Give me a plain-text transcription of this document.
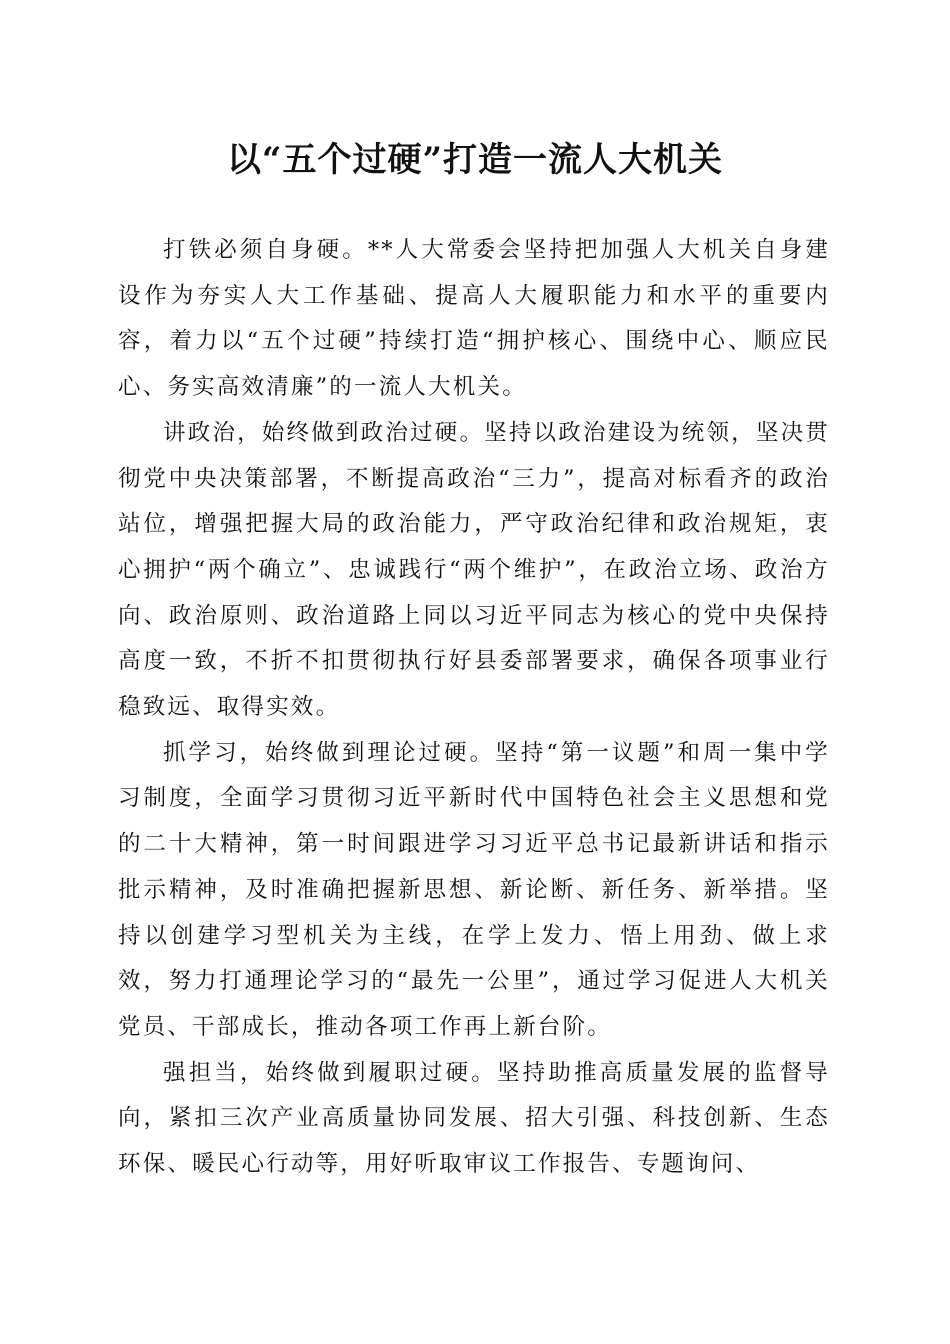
以“五个过硬”打造一流人大机关

打铁必须自身硬。**人大常委会坚持把加强人大机关自身建设作为夯实人大工作基础、提高人大履职能力和水平的重要内容，着力以“五个过硬”持续打造“拥护核心、围绕中心、顺应民心、务实高效清廉”的一流人大机关。

讲政治，始终做到政治过硬。坚持以政治建设为统领，坚决贯彻党中央决策部署，不断提高政治“三力”，提高对标看齐的政治站位，增强把握大局的政治能力，严守政治纪律和政治规矩，衷心拥护“两个确立”、忠诚践行“两个维护”，在政治立场、政治方向、政治原则、政治道路上同以习近平同志为核心的党中央保持高度一致，不折不扣贯彻执行好县委部署要求，确保各项事业行稳致远、取得实效。

抓学习，始终做到理论过硬。坚持“第一议题”和周一集中学习制度，全面学习贯彻习近平新时代中国特色社会主义思想和党的二十大精神，第一时间跟进学习习近平总书记最新讲话和指示批示精神，及时准确把握新思想、新论断、新任务、新举措。坚持以创建学习型机关为主线，在学上发力、悟上用劲、做上求效，努力打通理论学习的“最先一公里”，通过学习促进人大机关党员、干部成长，推动各项工作再上新台阶。

强担当，始终做到履职过硬。坚持助推高质量发展的监督导向，紧扣三次产业高质量协同发展、招大引强、科技创新、生态环保、暖民心行动等，用好听取审议工作报告、专题询问、
